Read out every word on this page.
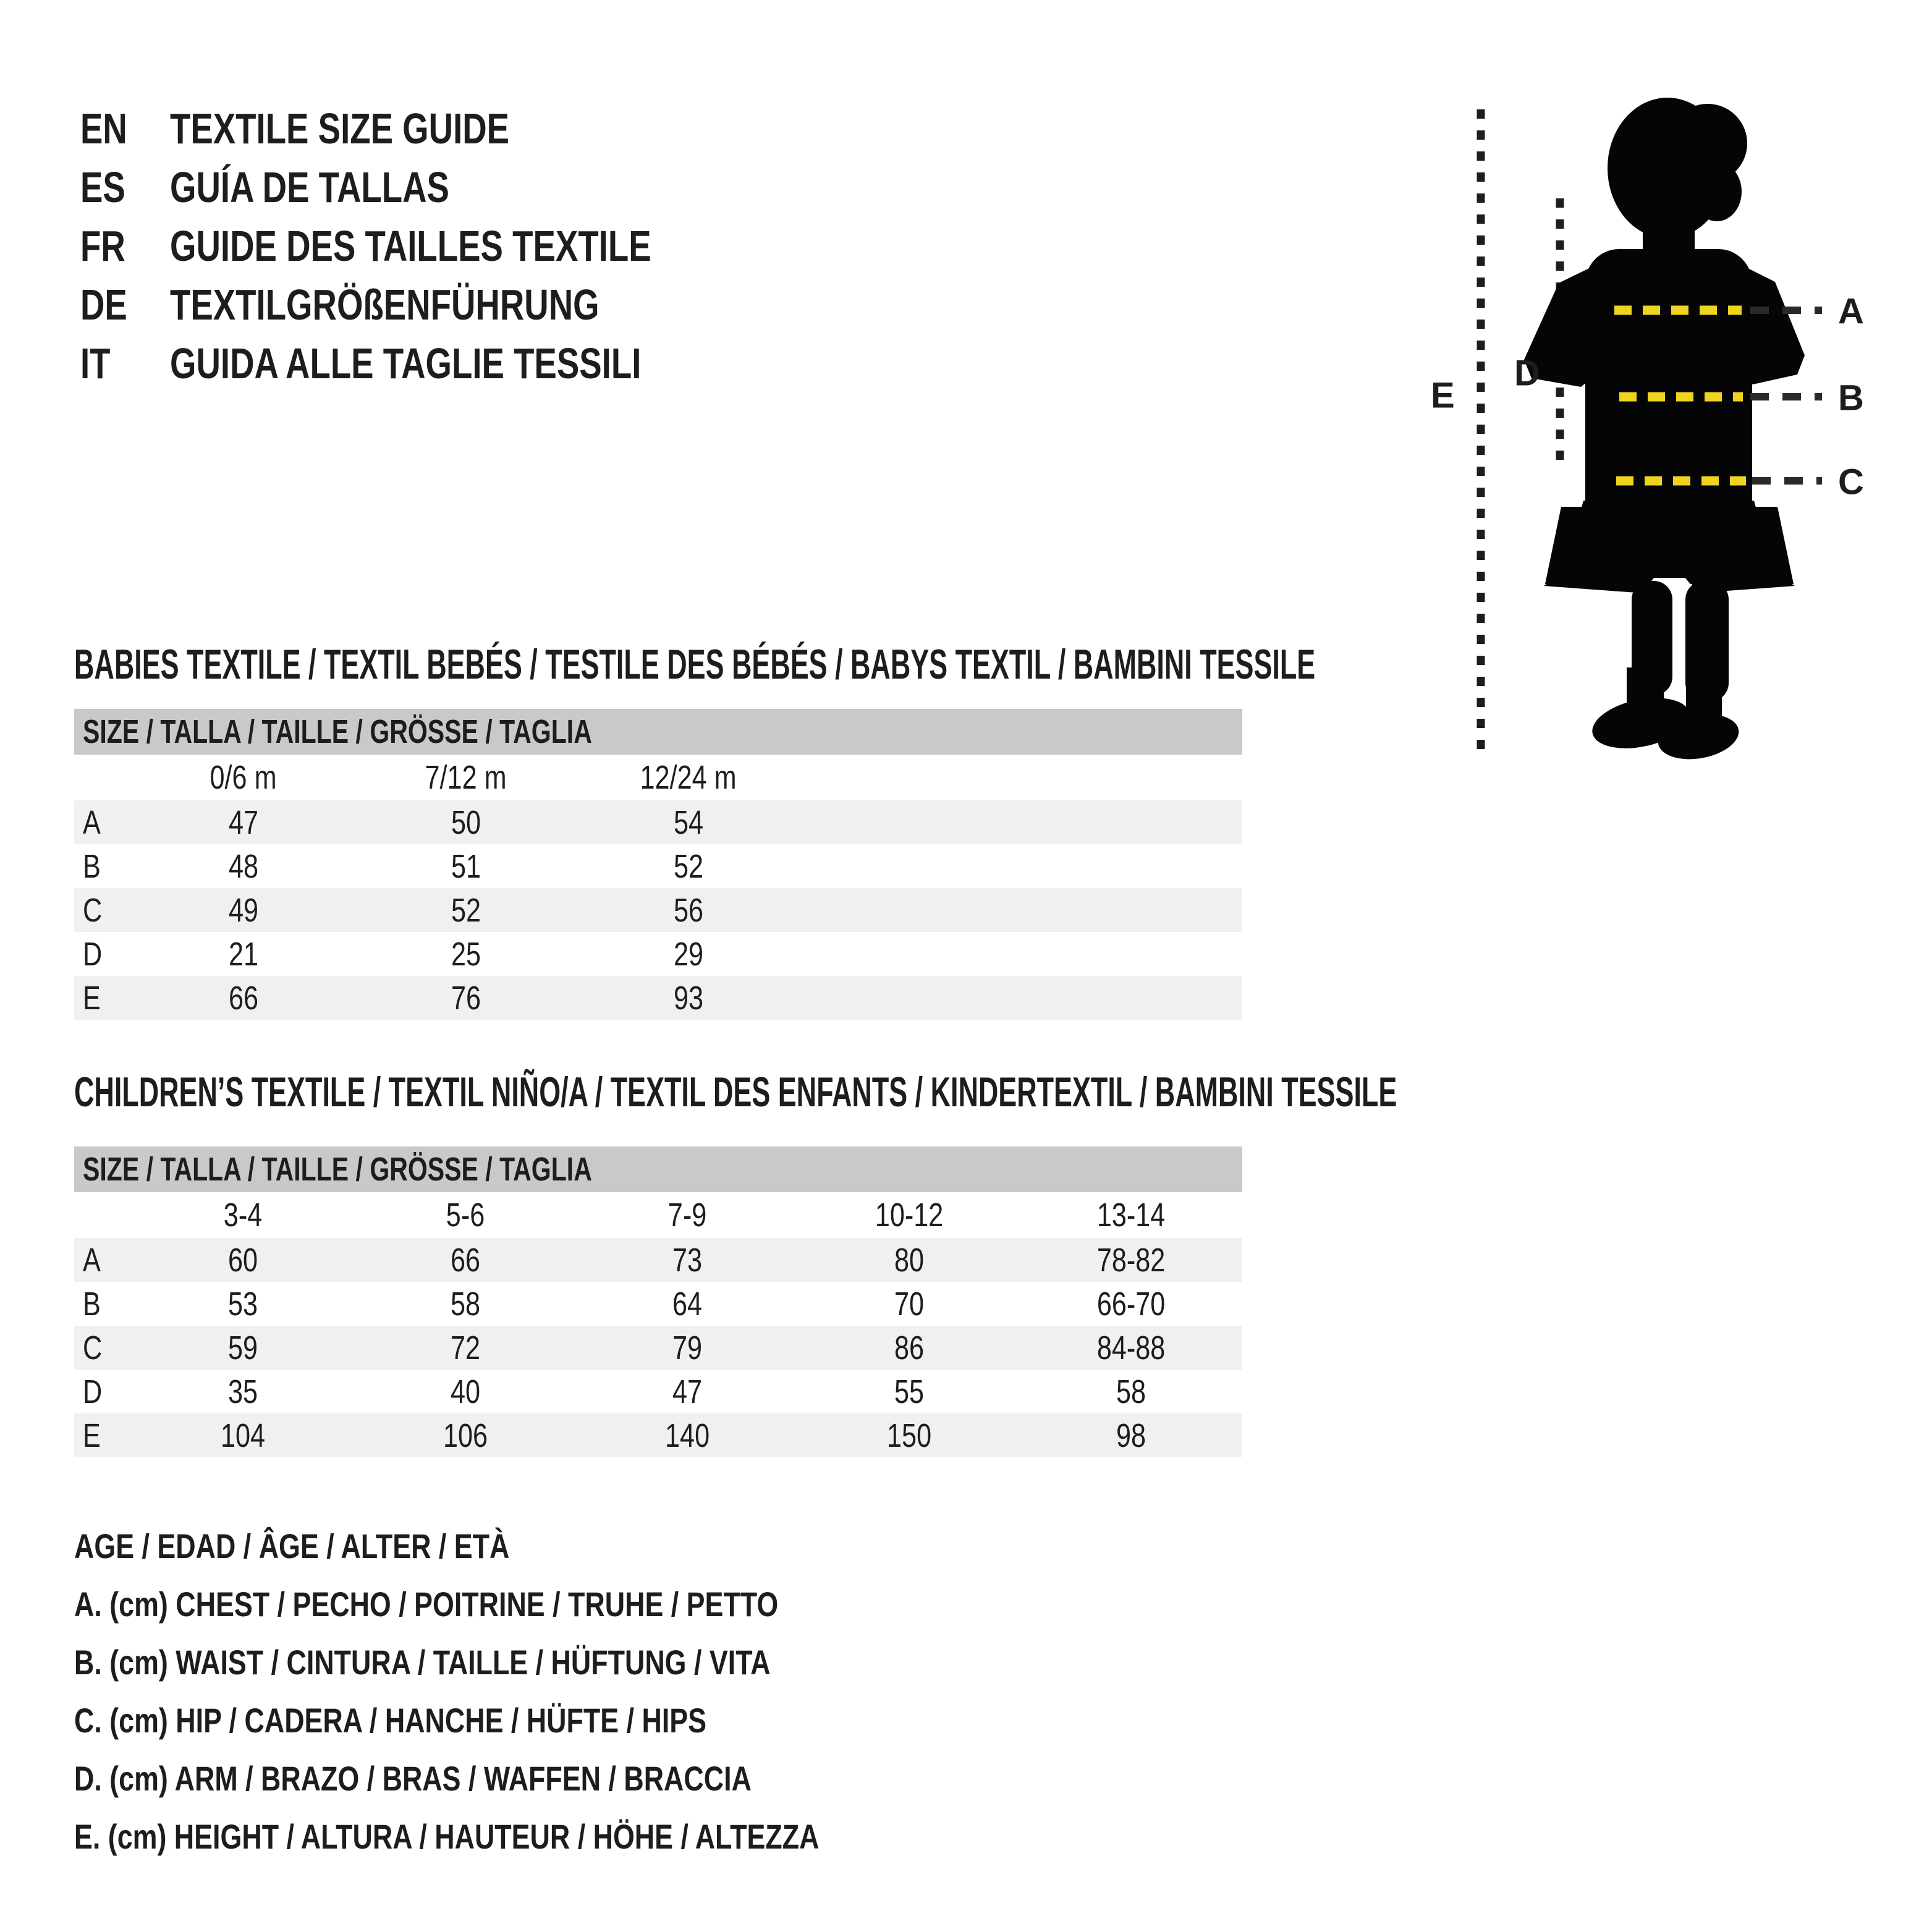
EN TEXTILE SIZE GUIDE
ES	GUÍA DE TALLAS
FR	GUIDE DES TAILLES TEXTILE
DE TEXTILGRÖßENFÜHRUNG
IT	GUIDA ALLE TAGLIE TESSILI
A
B
C
D
E
BABIES TEXTILE / TEXTIL BEBÉS / TESTILE DES BÉBÉS / BABYS TEXTIL / BAMBINI TESSILE
SIZE / TALLA / TAILLE / GRÖSSE / TAGLIA
0/6 m	7/12 m	12/24 m
A	47	50	54
B	48	51	52
C	49	52	56
D	21	25	29
E	66	76	93
CHILDREN’S TEXTILE / TEXTIL NIÑO/A / TEXTIL DES ENFANTS / KINDERTEXTIL / BAMBINI TESSILE
SIZE / TALLA / TAILLE / GRÖSSE / TAGLIA
3-4	5-6	7-9	10-12	13-14
A	60	66	73	80	78-82
B	53	58	64	70	66-70
C	59	72	79	86	84-88
D	35	40	47	55	58
E	104	106	140	150	98
AGE / EDAD / ÂGE / ALTER / ETÀ
A. (cm) CHEST / PECHO / POITRINE / TRUHE / PETTO
B. (cm) WAIST / CINTURA / TAILLE / HÜFTUNG / VITA
C. (cm) HIP / CADERA / HANCHE / HÜFTE / HIPS
D. (cm) ARM / BRAZO / BRAS / WAFFEN / BRACCIA
E. (cm) HEIGHT / ALTURA / HAUTEUR / HÖHE / ALTEZZA
